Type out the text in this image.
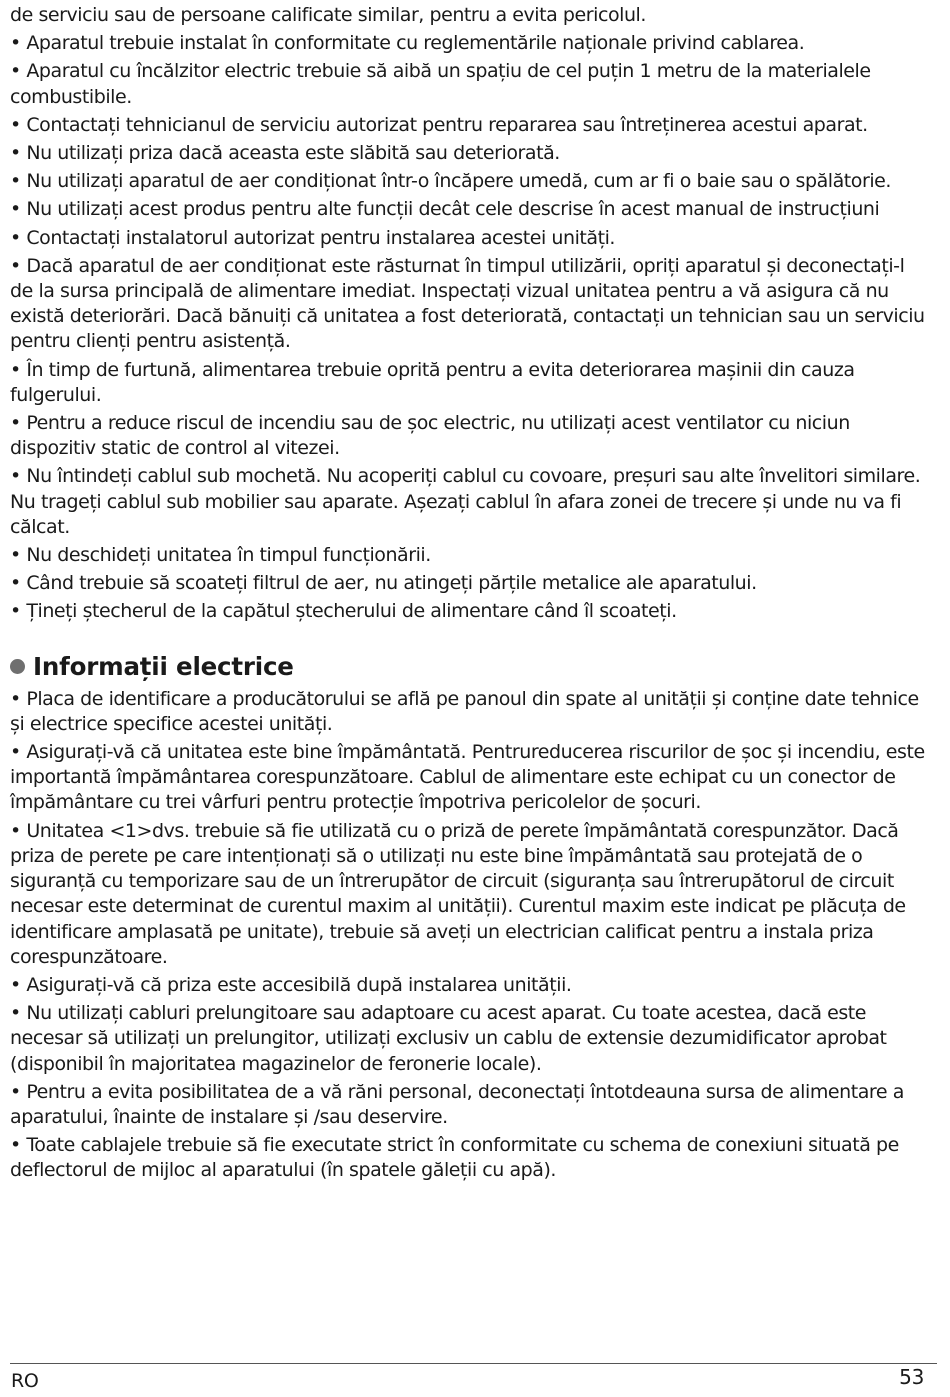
de serviciu sau de persoane calificate similar, pentru a evita pericolul.

• Aparatul trebuie instalat în conformitate cu reglementările naționale privind cablarea.

• Aparatul cu încălzitor electric trebuie să aibă un spațiu de cel puțin 1 metru de la materialele combustibile.

• Contactați tehnicianul de serviciu autorizat pentru repararea sau întreținerea acestui aparat.

• Nu utilizați priza dacă aceasta este slăbită sau deteriorată.

• Nu utilizați aparatul de aer condiționat într-o încăpere umedă, cum ar fi o baie sau o spălătorie.

• Nu utilizați acest produs pentru alte funcții decât cele descrise în acest manual de instrucțiuni

• Contactați instalatorul autorizat pentru instalarea acestei unități.

• Dacă aparatul de aer condiționat este răsturnat în timpul utilizării, opriți aparatul și deconectați-l de la sursa principală de alimentare imediat. Inspectați vizual unitatea pentru a vă asigura că nu există deteriorări. Dacă bănuiți că unitatea a fost deteriorată, contactați un tehnician sau un serviciu pentru clienți pentru asistență.

• În timp de furtună, alimentarea trebuie oprită pentru a evita deteriorarea mașinii din cauza fulgerului.

• Pentru a reduce riscul de incendiu sau de șoc electric, nu utilizați acest ventilator cu niciun dispozitiv static de control al vitezei.

• Nu întindeți cablul sub mochetă. Nu acoperiți cablul cu covoare, preșuri sau alte învelitori similare. Nu trageți cablul sub mobilier sau aparate. Așezați cablul în afara zonei de trecere și unde nu va fi călcat.

• Nu deschideți unitatea în timpul funcționării.

• Când trebuie să scoateți filtrul de aer, nu atingeți părțile metalice ale aparatului.

• Țineți ștecherul de la capătul ștecherului de alimentare când îl scoateți.

Informații electrice

• Placa de identificare a producătorului se află pe panoul din spate al unității și conține date tehnice și electrice specifice acestei unități.

• Asigurați-vă că unitatea este bine împământată. Pentrureducerea riscurilor de șoc și incendiu, este importantă împământarea corespunzătoare. Cablul de alimentare este echipat cu un conector de împământare cu trei vârfuri pentru protecție împotriva pericolelor de șocuri.

• Unitatea <1>dvs. trebuie să fie utilizată cu o priză de perete împământată corespunzător. Dacă priza de perete pe care intenționați să o utilizați nu este bine împământată sau protejată de o siguranță cu temporizare sau de un întrerupător de circuit (siguranța sau întrerupătorul de circuit necesar este determinat de curentul maxim al unității). Curentul maxim este indicat pe plăcuța de identificare amplasată pe unitate), trebuie să aveți un electrician calificat pentru a instala priza corespunzătoare.

• Asigurați-vă că priza este accesibilă după instalarea unității.

• Nu utilizați cabluri prelungitoare sau adaptoare cu acest aparat. Cu toate acestea, dacă este necesar să utilizați un prelungitor, utilizați exclusiv un cablu de extensie dezumidificator aprobat (disponibil în majoritatea magazinelor de feronerie locale).

• Pentru a evita posibilitatea de a vă răni personal, deconectați întotdeauna sursa de alimentare a aparatului, înainte de instalare și /sau deservire.

• Toate cablajele trebuie să fie executate strict în conformitate cu schema de conexiuni situată pe deflectorul de mijloc al aparatului (în spatele găleții cu apă).

RO	53
